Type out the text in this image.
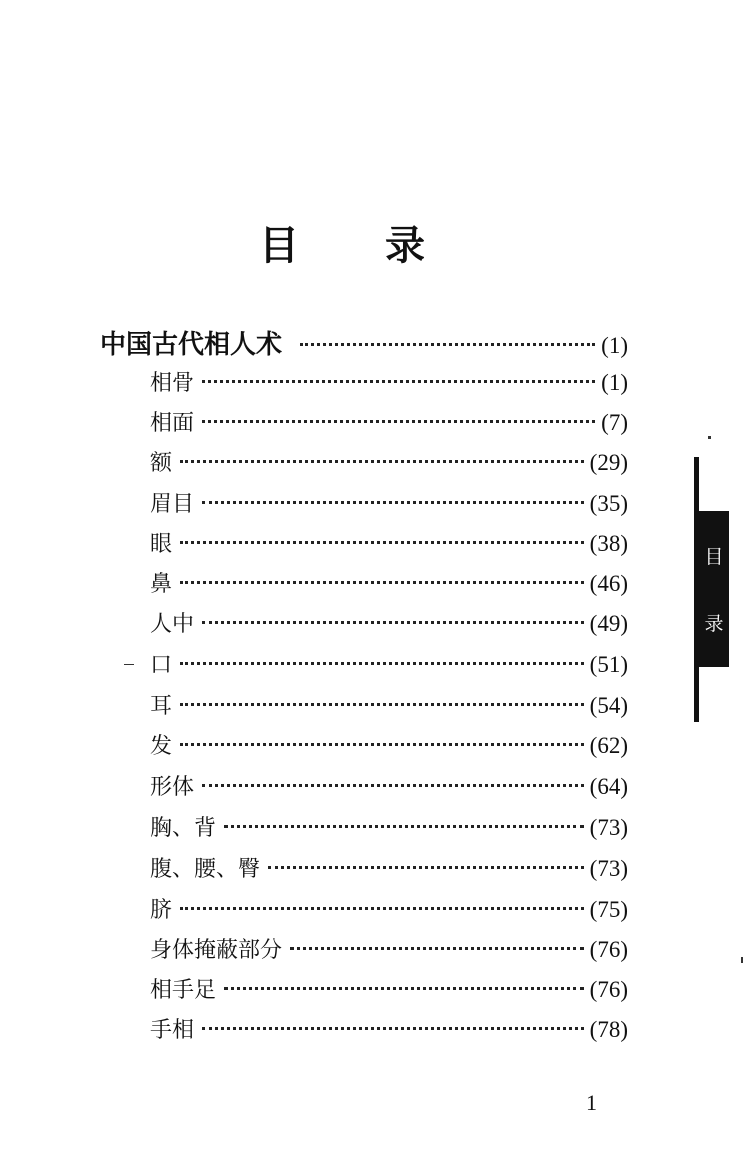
目 录
中国古代相人术	(1)
相骨	(1)
相面	(7)
额	(29)
眉目	(35)
眼	(38)
鼻	(46)
人中	(49)
口	(51)
耳	(54)
发	(62)
形体	(64)
胸、背	(73)
腹、腰、臀	(73)
脐	(75)
身体掩蔽部分	(76)
相手足	(76)
手相	(78)
目
录
1
